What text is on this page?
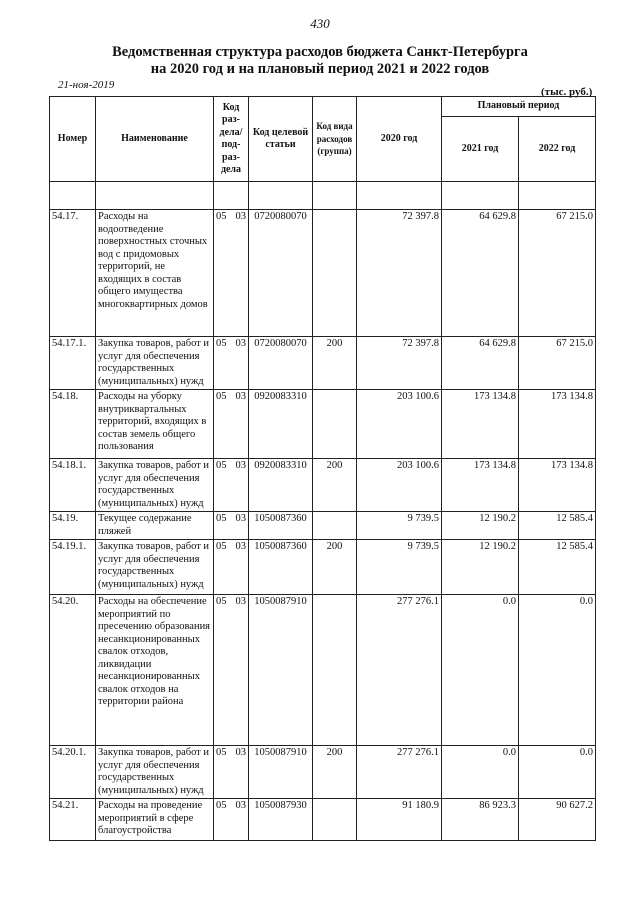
430
Ведомственная структура расходов бюджета Санкт-Петербурга
на 2020 год и на плановый период 2021 и 2022 годов
21-ноя-2019
(тыс. руб.)
Номер	Наименование	Код раз-дела/ под-раз-дела	Код целевой статьи	Код вида расходов (группа)	2020 год	Плановый период	
						2021 год	2022 год

54.17.	Расходы на водоотведение поверхностных сточных вод с придомовых территорий, не входящих в состав общего имущества многоквартирных домов	05 03	0720080070		72 397.8	64 629.8	67 215.0
54.17.1.	Закупка товаров, работ и услуг для обеспечения государственных (муниципальных) нужд	05 03	0720080070	200	72 397.8	64 629.8	67 215.0
54.18.	Расходы на уборку внутриквартальных территорий, входящих в состав земель общего пользования	05 03	0920083310		203 100.6	173 134.8	173 134.8
54.18.1.	Закупка товаров, работ и услуг для обеспечения государственных (муниципальных) нужд	05 03	0920083310	200	203 100.6	173 134.8	173 134.8
54.19.	Текущее содержание пляжей	05 03	1050087360		9 739.5	12 190.2	12 585.4
54.19.1.	Закупка товаров, работ и услуг для обеспечения государственных (муниципальных) нужд	05 03	1050087360	200	9 739.5	12 190.2	12 585.4
54.20.	Расходы на обеспечение мероприятий по пресечению образования несанкционированных свалок отходов, ликвидации несанкционированных свалок отходов на территории района	05 03	1050087910		277 276.1	0.0	0.0
54.20.1.	Закупка товаров, работ и услуг для обеспечения государственных (муниципальных) нужд	05 03	1050087910	200	277 276.1	0.0	0.0
54.21.	Расходы на проведение мероприятий в сфере благоустройства	05 03	1050087930		91 180.9	86 923.3	90 627.2
